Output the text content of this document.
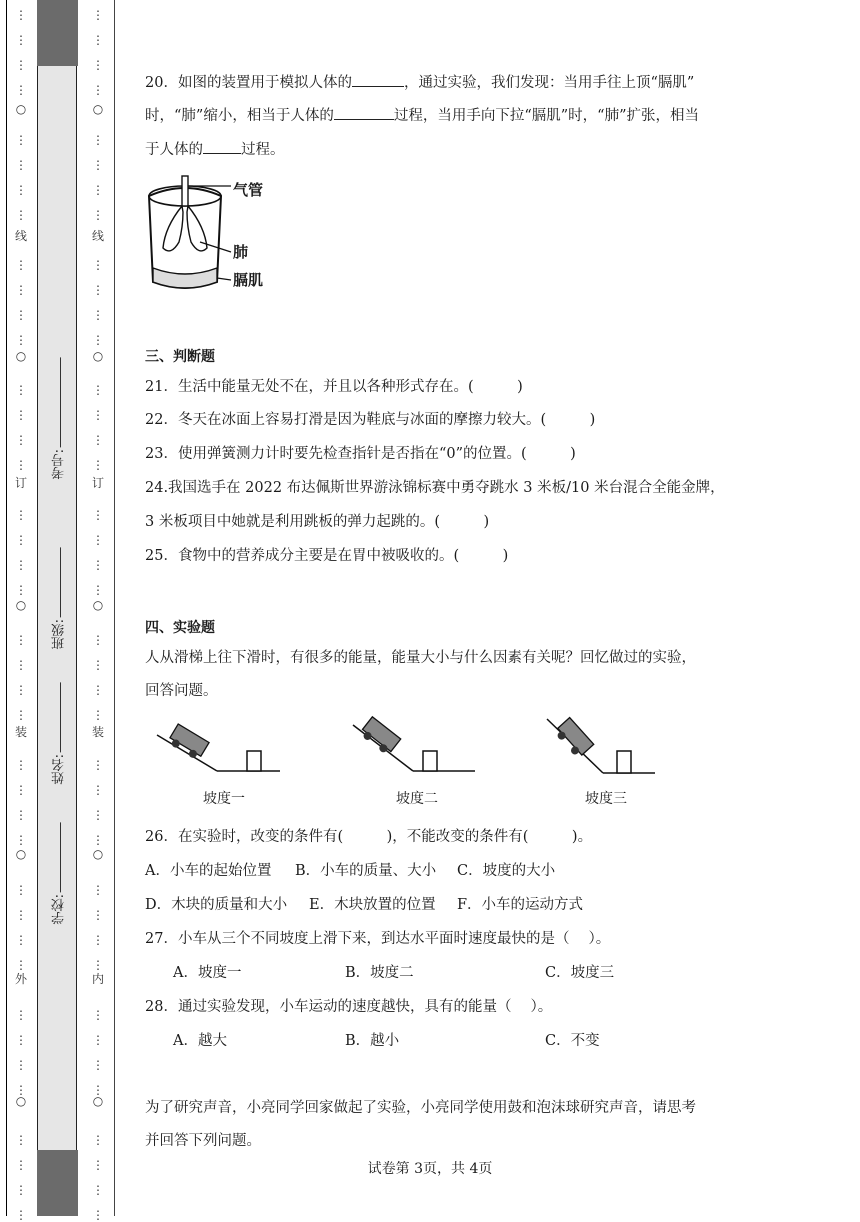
⋮
⋮
⋮
⋮
⋮
⋮
⋮
⋮
⋮
⋮
⋮
⋮
⋮
⋮
⋮
⋮
⋮
⋮
⋮
⋮
⋮
⋮
⋮
⋮
⋮
⋮
⋮
⋮
⋮
⋮
⋮
⋮
⋮
⋮
⋮
⋮
⋮
⋮
⋮
⋮
○
○
○
○
○
线
订
装
外
⋮
⋮
⋮
⋮
⋮
⋮
⋮
⋮
⋮
⋮
⋮
⋮
⋮
⋮
⋮
⋮
⋮
⋮
⋮
⋮
⋮
⋮
⋮
⋮
⋮
⋮
⋮
⋮
⋮
⋮
⋮
⋮
⋮
⋮
⋮
⋮
⋮
⋮
⋮
⋮
○
○
○
○
○
线
订
装
内
学校:
姓名:
班级:
考号:
20．如图的装置用于模拟人体的	，通过实验，我们发现：当用手往上顶“膈肌”
时，“肺”缩小，相当于人体的	过程，当用手向下拉“膈肌”时，“肺”扩张，相当
于人体的	过程。
气管
肺
膈肌
三、判断题
21．生活中能量无处不在，并且以各种形式存在。(　　　)
22．冬天在冰面上容易打滑是因为鞋底与冰面的摩擦力较大。(　　　)
23．使用弹簧测力计时要先检查指针是否指在“0”的位置。(　　　)
24.我国选手在 2022 布达佩斯世界游泳锦标赛中勇夺跳水 3 米板/10 米台混合全能金牌，
3 米板项目中她就是利用跳板的弹力起跳的。(　　　)
25．食物中的营养成分主要是在胃中被吸收的。(　　　)
四、实验题
人从滑梯上往下滑时，有很多的能量，能量大小与什么因素有关呢？回忆做过的实验，
回答问题。
坡度一	坡度二	坡度三
26．在实验时，改变的条件有(　　　)，不能改变的条件有(　　　)。
A．小车的起始位置 B．小车的质量、大小 C．坡度的大小
D．木块的质量和大小 E．木块放置的位置 F．小车的运动方式
27．小车从三个不同坡度上滑下来，到达水平面时速度最快的是（　 ）。
A．坡度一	B．坡度二	C．坡度三
28．通过实验发现，小车运动的速度越快，具有的能量（　 ）。
A．越大	B．越小	C．不变
为了研究声音，小亮同学回家做起了实验，小亮同学使用鼓和泡沫球研究声音，请思考
并回答下列问题。
试卷第 3页，共 4页
